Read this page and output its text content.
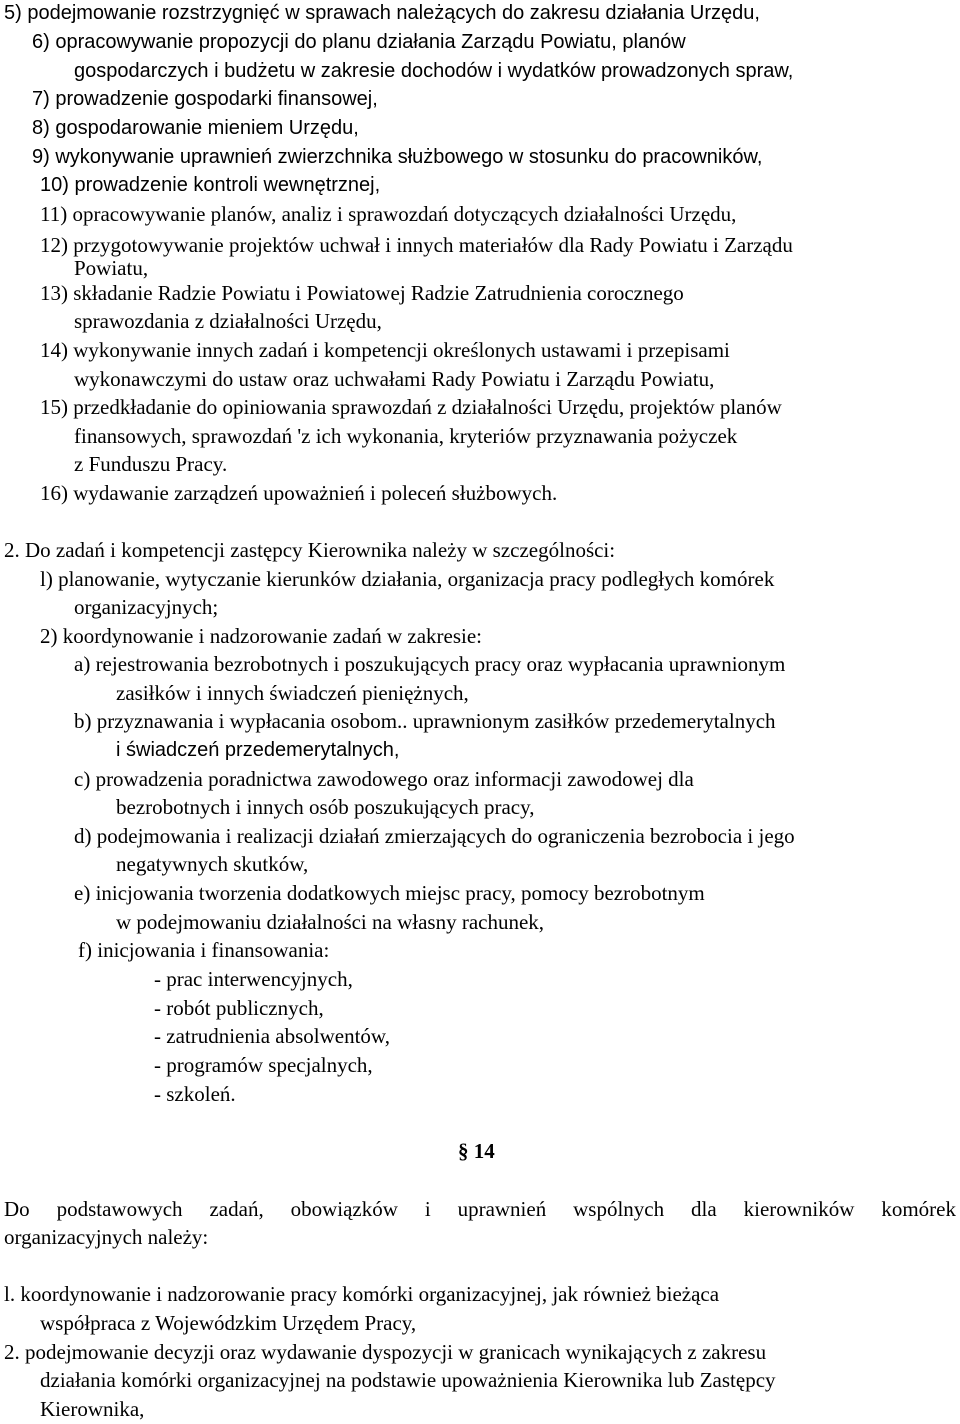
5) podejmowanie rozstrzygnięć w sprawach należących do zakresu działania Urzędu,
6) opracowywanie propozycji do planu działania Zarządu Powiatu, planów
gospodarczych i budżetu w zakresie dochodów i wydatków prowadzonych spraw,
7) prowadzenie gospodarki finansowej,
8) gospodarowanie mieniem Urzędu,
9) wykonywanie uprawnień zwierzchnika służbowego w stosunku do pracowników,
10) prowadzenie kontroli wewnętrznej,
11) opracowywanie planów, analiz i sprawozdań dotyczących działalności Urzędu,
12) przygotowywanie projektów uchwał i innych materiałów dla Rady Powiatu i Zarządu
Powiatu,
13) składanie Radzie Powiatu i Powiatowej Radzie Zatrudnienia corocznego
sprawozdania z działalności Urzędu,
14) wykonywanie innych zadań i kompetencji określonych ustawami i przepisami
wykonawczymi do ustaw oraz uchwałami Rady Powiatu i Zarządu Powiatu,
15) przedkładanie do opiniowania sprawozdań z działalności Urzędu, projektów planów
finansowych, sprawozdań 'z ich wykonania, kryteriów przyznawania pożyczek
z Funduszu Pracy.
16) wydawanie zarządzeń upoważnień i poleceń służbowych.
2. Do zadań i kompetencji zastępcy Kierownika należy w szczególności:
l) planowanie, wytyczanie kierunków działania, organizacja pracy podległych komórek
organizacyjnych;
2) koordynowanie i nadzorowanie zadań w zakresie:
a) rejestrowania bezrobotnych i poszukujących pracy oraz wypłacania uprawnionym
zasiłków i innych świadczeń pieniężnych,
b) przyznawania i wypłacania osobom.. uprawnionym zasiłków przedemerytalnych
i świadczeń przedemerytalnych,
c) prowadzenia poradnictwa zawodowego oraz informacji zawodowej dla
bezrobotnych i innych osób poszukujących pracy,
d) podejmowania i realizacji działań zmierzających do ograniczenia bezrobocia i jego
negatywnych skutków,
e) inicjowania tworzenia dodatkowych miejsc pracy, pomocy bezrobotnym
w podejmowaniu działalności na własny rachunek,
f) inicjowania i finansowania:
- prac interwencyjnych,
- robót publicznych,
- zatrudnienia absolwentów,
- programów specjalnych,
- szkoleń.
§ 14
Do podstawowych zadań, obowiązków i uprawnień wspólnych dla kierowników komórek
organizacyjnych należy:
l. koordynowanie i nadzorowanie pracy komórki organizacyjnej, jak również bieżąca
współpraca z Wojewódzkim Urzędem Pracy,
2. podejmowanie decyzji oraz wydawanie dyspozycji w granicach wynikających z zakresu
działania komórki organizacyjnej na podstawie upoważnienia Kierownika lub Zastępcy
Kierownika,
